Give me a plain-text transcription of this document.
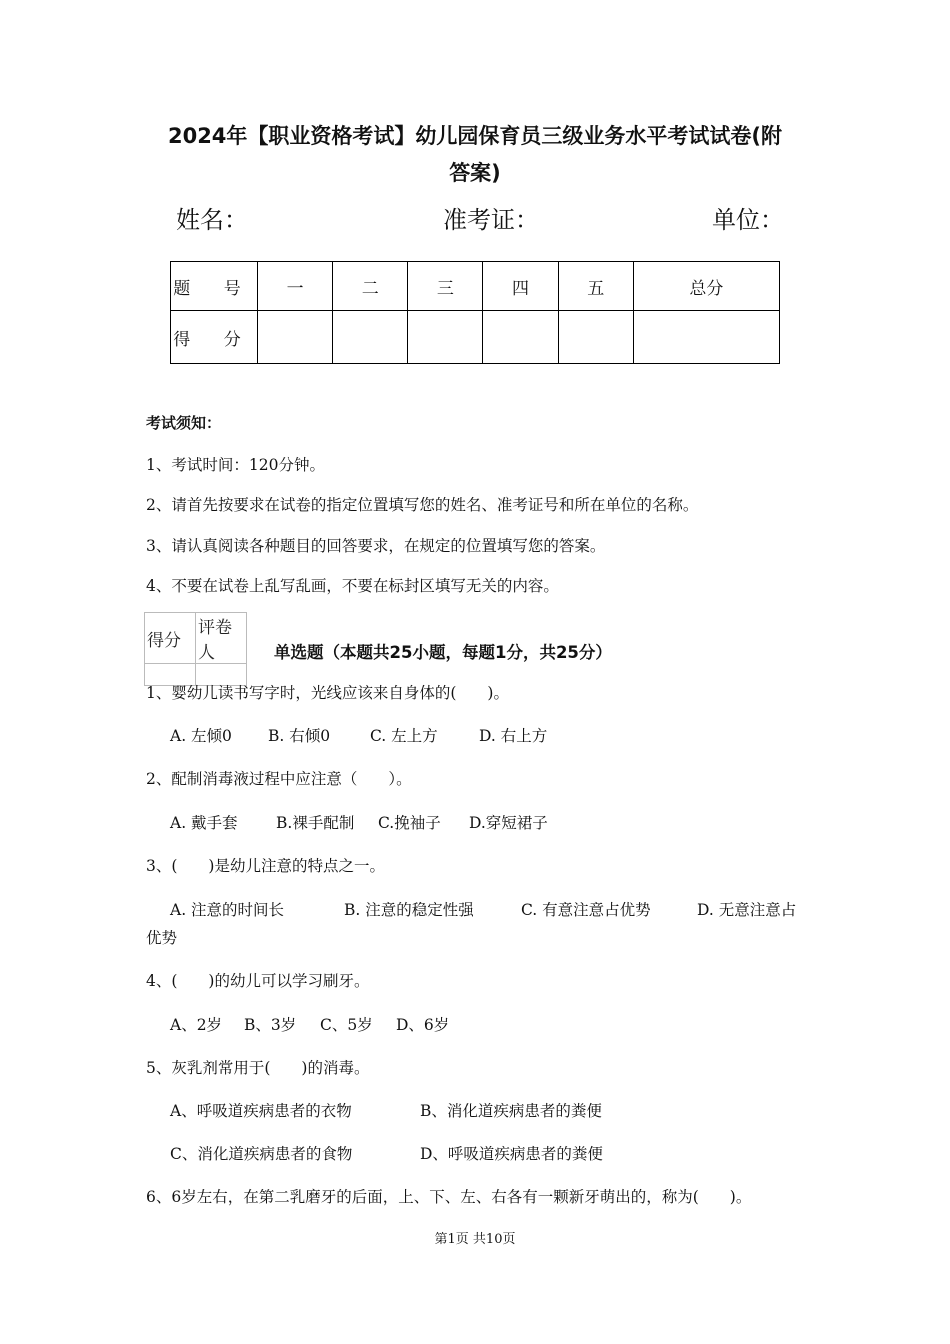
2024年【职业资格考试】幼儿园保育员三级业务水平考试试卷(附
答案)
姓名：	准考证：	单位：
题 号	一	二	三	四	五	总分
得 分						
考试须知：
1、考试时间：120分钟。
2、请首先按要求在试卷的指定位置填写您的姓名、准考证号和所在单位的名称。
3、请认真阅读各种题目的回答要求，在规定的位置填写您的答案。
4、不要在试卷上乱写乱画，不要在标封区填写无关的内容。
得分	评卷人
		单选题（本题共25小题，每题1分，共25分）
1、婴幼儿读书写字时，光线应该来自身体的(　　)。
A. 左倾0 B. 右倾0	C. 左上方	D. 右上方
2、配制消毒液过程中应注意（　　）。
A. 戴手套 B.裸手配制 C.挽袖子 D.穿短裙子
3、(　　)是幼儿注意的特点之一。
A. 注意的时间长	B. 注意的稳定性强	C. 有意注意占优势	D. 无意注意占
优势
4、(　　)的幼儿可以学习刷牙。
A、2岁 B、3岁 C、5岁 D、6岁
5、灰乳剂常用于(　　)的消毒。
A、呼吸道疾病患者的衣物	B、消化道疾病患者的粪便
C、消化道疾病患者的食物	D、呼吸道疾病患者的粪便
6、6岁左右，在第二乳磨牙的后面，上、下、左、右各有一颗新牙萌出的，称为(　　)。
第1页 共10页
